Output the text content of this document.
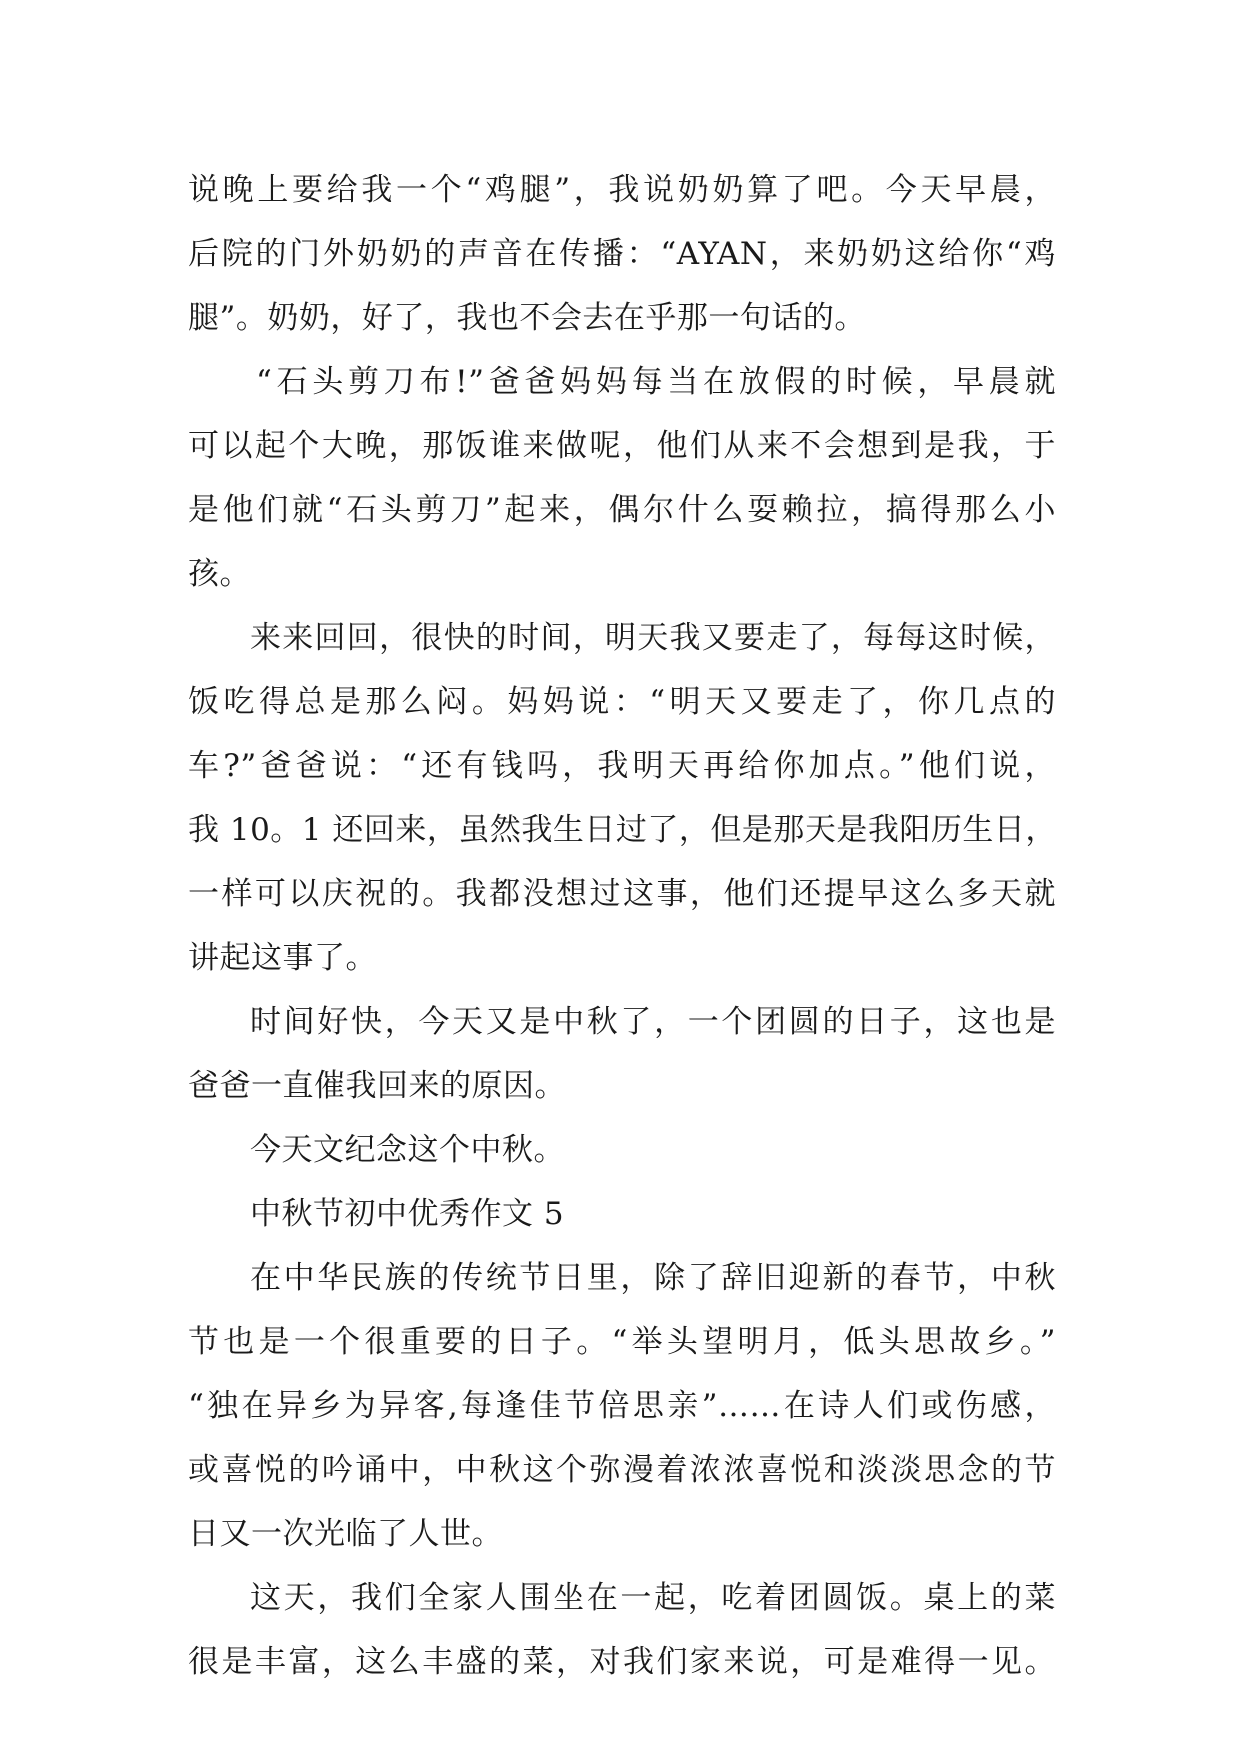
说晚上要给我一个“鸡腿”，我说奶奶算了吧。今天早晨，
后院的门外奶奶的声音在传播：“AYAN，来奶奶这给你“鸡
腿”。奶奶，好了，我也不会去在乎那一句话的。
“石头剪刀布!”爸爸妈妈每当在放假的时候，早晨就
可以起个大晚，那饭谁来做呢，他们从来不会想到是我，于
是他们就“石头剪刀”起来，偶尔什么耍赖拉，搞得那么小
孩。
来来回回，很快的时间，明天我又要走了，每每这时候，
饭吃得总是那么闷。妈妈说：“明天又要走了，你几点的
车?”爸爸说：“还有钱吗，我明天再给你加点。”他们说，
我 10。1 还回来，虽然我生日过了，但是那天是我阳历生日，
一样可以庆祝的。我都没想过这事，他们还提早这么多天就
讲起这事了。
时间好快，今天又是中秋了，一个团圆的日子，这也是
爸爸一直催我回来的原因。
今天文纪念这个中秋。
中秋节初中优秀作文 5
在中华民族的传统节日里，除了辞旧迎新的春节，中秋
节也是一个很重要的日子。“举头望明月，低头思故乡。”
“独在异乡为异客,每逢佳节倍思亲”……在诗人们或伤感，
或喜悦的吟诵中，中秋这个弥漫着浓浓喜悦和淡淡思念的节
日又一次光临了人世。
这天，我们全家人围坐在一起，吃着团圆饭。桌上的菜
很是丰富，这么丰盛的菜，对我们家来说，可是难得一见。
